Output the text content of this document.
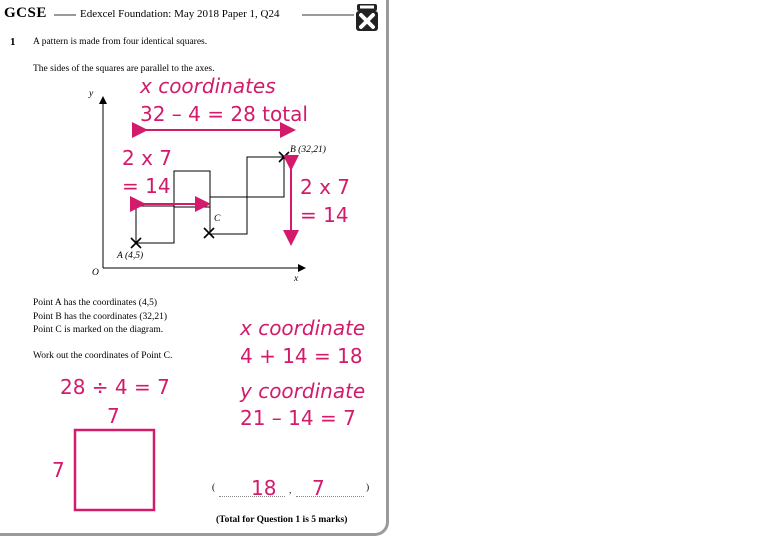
GCSE	Edexcel Foundation: May 2018 Paper 1, Q24
1 A pattern is made from four identical squares.
The sides of the squares are parallel to the axes.
y
x
O
A (4,5)
B (32,21)
C
Point A has the coordinates (4,5)
Point B has the coordinates (32,21)
Point C is marked on the diagram.
Work out the coordinates of Point C.
x coordinates
32 – 4 = 28 total
2 x 7
= 14	2 x 7
= 14
x coordinate
4 + 14 = 18
y coordinate
21 – 14 = 7
28 ÷ 4 = 7
7
7
( 18 , 7	)
(Total for Question 1 is 5 marks)
